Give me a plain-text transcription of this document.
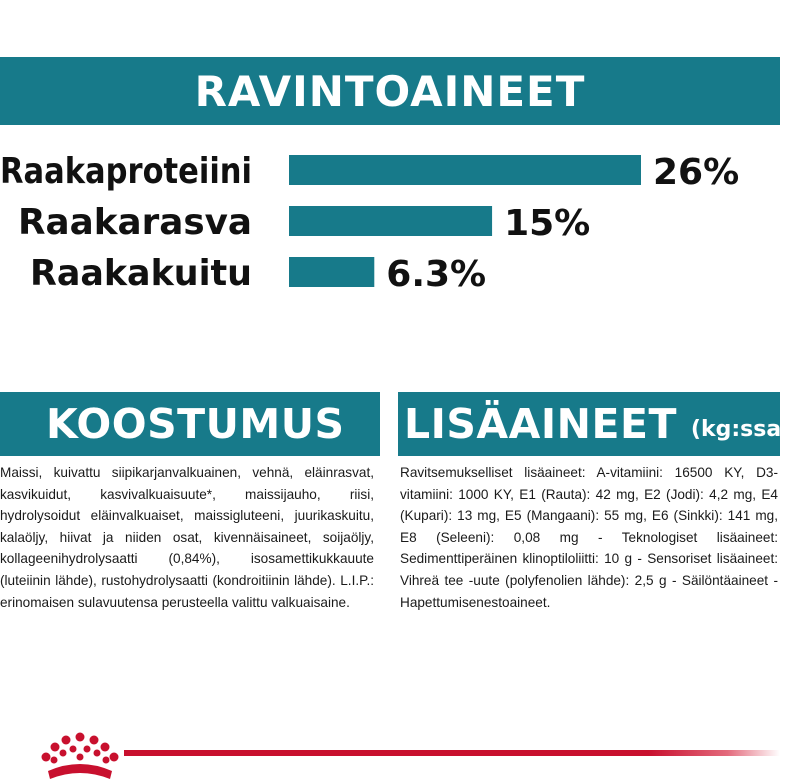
RAVINTOAINEET
Raakaproteiini	26%
Raakarasva	15%
Raakakuitu	6.3%
KOOSTUMUS
Maissi, kuivattu siipikarjanvalkuainen, vehnä, eläinrasvat, kasvikuidut, kasvivalkuaisuute*, maissijauho, riisi, hydrolysoidut eläinvalkuaiset, maissigluteeni, juurikaskuitu, kalaöljy, hiivat ja niiden osat, kivennäisaineet, soijaöljy, kollageenihydrolysaatti (0,84%), isosamettikukkauute (luteiinin lähde), rustohydrolysaatti (kondroitiinin lähde). L.I.P.: erinomaisen sulavuutensa perusteella valittu valkuaisaine.
LISÄAINEET (kg:ssa)
Ravitsemukselliset lisäaineet: A-vitamiini: 16500 KY, D3-vitamiini: 1000 KY, E1 (Rauta): 42 mg, E2 (Jodi): 4,2 mg, E4 (Kupari): 13 mg, E5 (Mangaani): 55 mg, E6 (Sinkki): 141 mg, E8 (Seleeni): 0,08 mg - Teknologiset lisäaineet: Sedimenttiperäinen klinoptiloliitti: 10 g - Sensoriset lisäaineet: Vihreä tee -uute (polyfenolien lähde): 2,5 g - Säilöntäaineet - Hapettumisenestoaineet.
